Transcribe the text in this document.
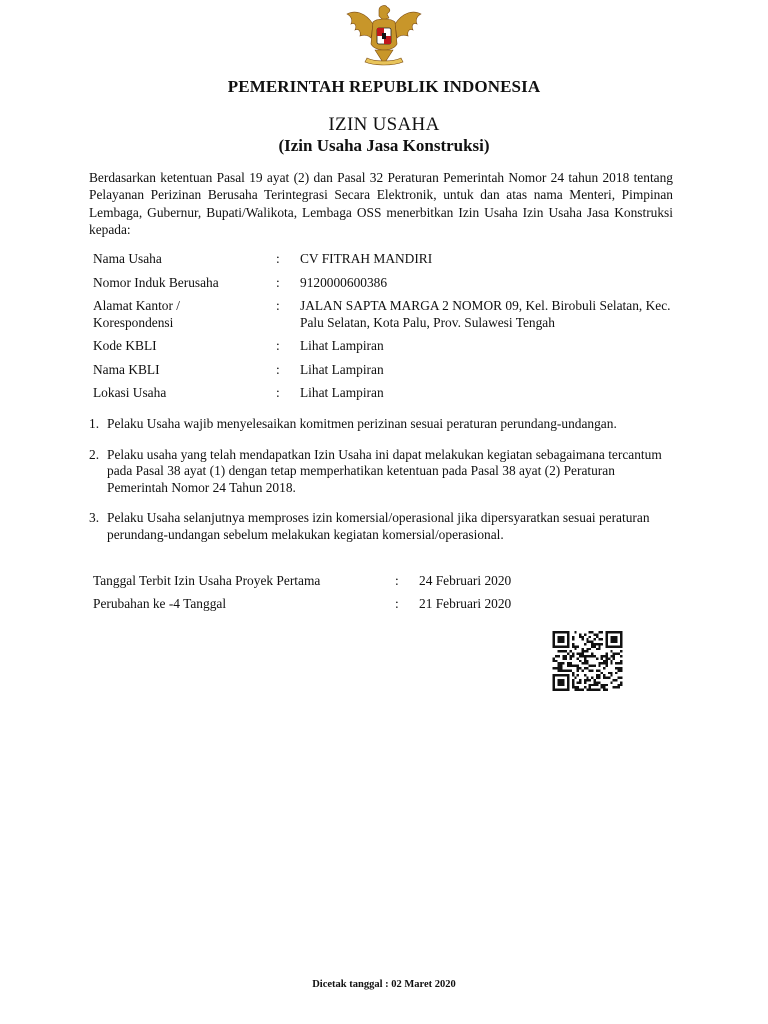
PEMERINTAH REPUBLIK INDONESIA
IZIN USAHA
(Izin Usaha Jasa Konstruksi)
Berdasarkan ketentuan Pasal 19 ayat (2) dan Pasal 32 Peraturan Pemerintah Nomor 24 tahun 2018 tentang Pelayanan Perizinan Berusaha Terintegrasi Secara Elektronik, untuk dan atas nama Menteri, Pimpinan Lembaga, Gubernur, Bupati/Walikota, Lembaga OSS menerbitkan Izin Usaha Izin Usaha Jasa Konstruksi kepada:
Nama Usaha	: CV FITRAH MANDIRI
Nomor Induk Berusaha	: 9120000600386
Alamat Kantor / Korespondensi
: JALAN SAPTA MARGA 2 NOMOR 09, Kel. Birobuli Selatan, Kec. Palu Selatan, Kota Palu, Prov. Sulawesi Tengah
Kode KBLI	: Lihat Lampiran
Nama KBLI	: Lihat Lampiran
Lokasi Usaha	: Lihat Lampiran
1. Pelaku Usaha wajib menyelesaikan komitmen perizinan sesuai peraturan perundang-undangan.
2. Pelaku usaha yang telah mendapatkan Izin Usaha ini dapat melakukan kegiatan sebagaimana tercantum pada Pasal 38 ayat (1) dengan tetap memperhatikan ketentuan pada Pasal 38 ayat (2) Peraturan Pemerintah Nomor 24 Tahun 2018.
3. Pelaku Usaha selanjutnya memproses izin komersial/operasional jika dipersyaratkan sesuai peraturan perundang-undangan sebelum melakukan kegiatan komersial/operasional.
Tanggal Terbit Izin Usaha Proyek Pertama	: 24 Februari 2020
Perubahan ke -4 Tanggal	: 21 Februari 2020
Dicetak tanggal : 02 Maret 2020
